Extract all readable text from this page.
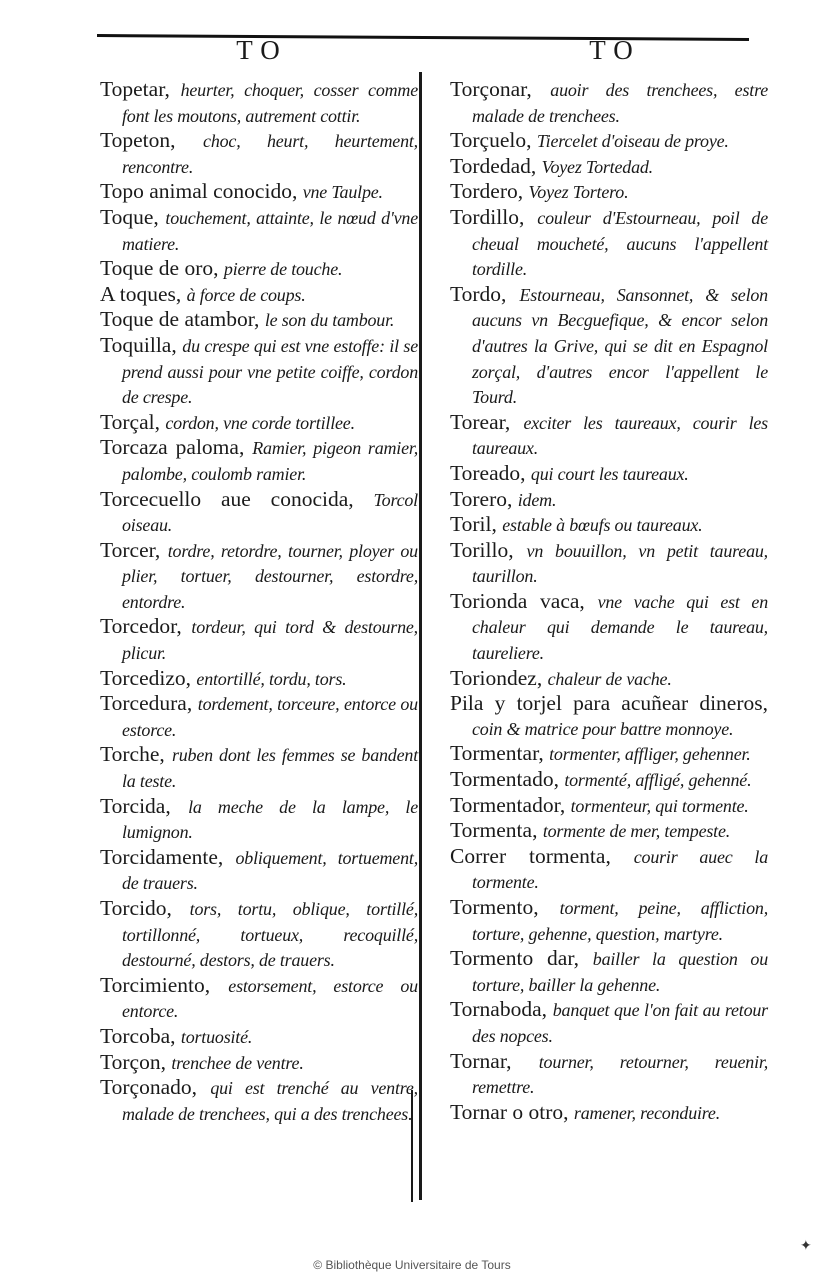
TO	TO

Topetar, heurter, choquer, cosser comme font les moutons, autrement cottir.

Topeton, choc, heurt, heurtement, rencontre.

Topo animal conocido, vne Taulpe.

Toque, touchement, attainte, le nœud d'vne matiere.

Toque de oro, pierre de touche.

A toques, à force de coups.

Toque de atambor, le son du tambour.

Toquilla, du crespe qui est vne estoffe: il se prend aussi pour vne petite coiffe, cordon de crespe.

Torçal, cordon, vne corde tortillee.

Torcaza paloma, Ramier, pigeon ramier, palombe, coulomb ramier.

Torcecuello aue conocida, Torcol oiseau.

Torcer, tordre, retordre, tourner, ployer ou plier, tortuer, destourner, estordre, entordre.

Torcedor, tordeur, qui tord & destourne, plicur.

Torcedizo, entortillé, tordu, tors.

Torcedura, tordement, torceure, entorce ou estorce.

Torche, ruben dont les femmes se bandent la teste.

Torcida, la meche de la lampe, le lumignon.

Torcidamente, obliquement, tortuement, de trauers.

Torcido, tors, tortu, oblique, tortillé, tortillonné, tortueux, recoquillé, destourné, destors, de trauers.

Torcimiento, estorsement, estorce ou entorce.

Torcoba, tortuosité.

Torçon, trenchee de ventre.

Torçonado, qui est trenché au ventre, malade de trenchees, qui a des trenchees.

Torçonar, auoir des trenchees, estre malade de trenchees.

Torçuelo, Tiercelet d'oiseau de proye.

Tordedad, Voyez Tortedad.

Tordero, Voyez Tortero.

Tordillo, couleur d'Estourneau, poil de cheual moucheté, aucuns l'appellent tordille.

Tordo, Estourneau, Sansonnet, & selon aucuns vn Becguefique, & encor selon d'autres la Grive, qui se dit en Espagnol zorçal, d'autres encor l'appellent le Tourd.

Torear, exciter les taureaux, courir les taureaux.

Toreado, qui court les taureaux.

Torero, idem.

Toril, estable à bœufs ou taureaux.

Torillo, vn bouuillon, vn petit taureau, taurillon.

Torionda vaca, vne vache qui est en chaleur qui demande le taureau, taureliere.

Toriondez, chaleur de vache.

Pila y torjel para acuñear dineros, coin & matrice pour battre monnoye.

Tormentar, tormenter, affliger, gehenner.

Tormentado, tormenté, affligé, gehenné.

Tormentador, tormenteur, qui tormente.

Tormenta, tormente de mer, tempeste.

Correr tormenta, courir auec la tormente.

Tormento, torment, peine, affliction, torture, gehenne, question, martyre.

Tormento dar, bailler la question ou torture, bailler la gehenne.

Tornaboda, banquet que l'on fait au retour des nopces.

Tornar, tourner, retourner, reuenir, remettre.

Tornar o otro, ramener, reconduire.

✦
© Bibliothèque Universitaire de Tours
